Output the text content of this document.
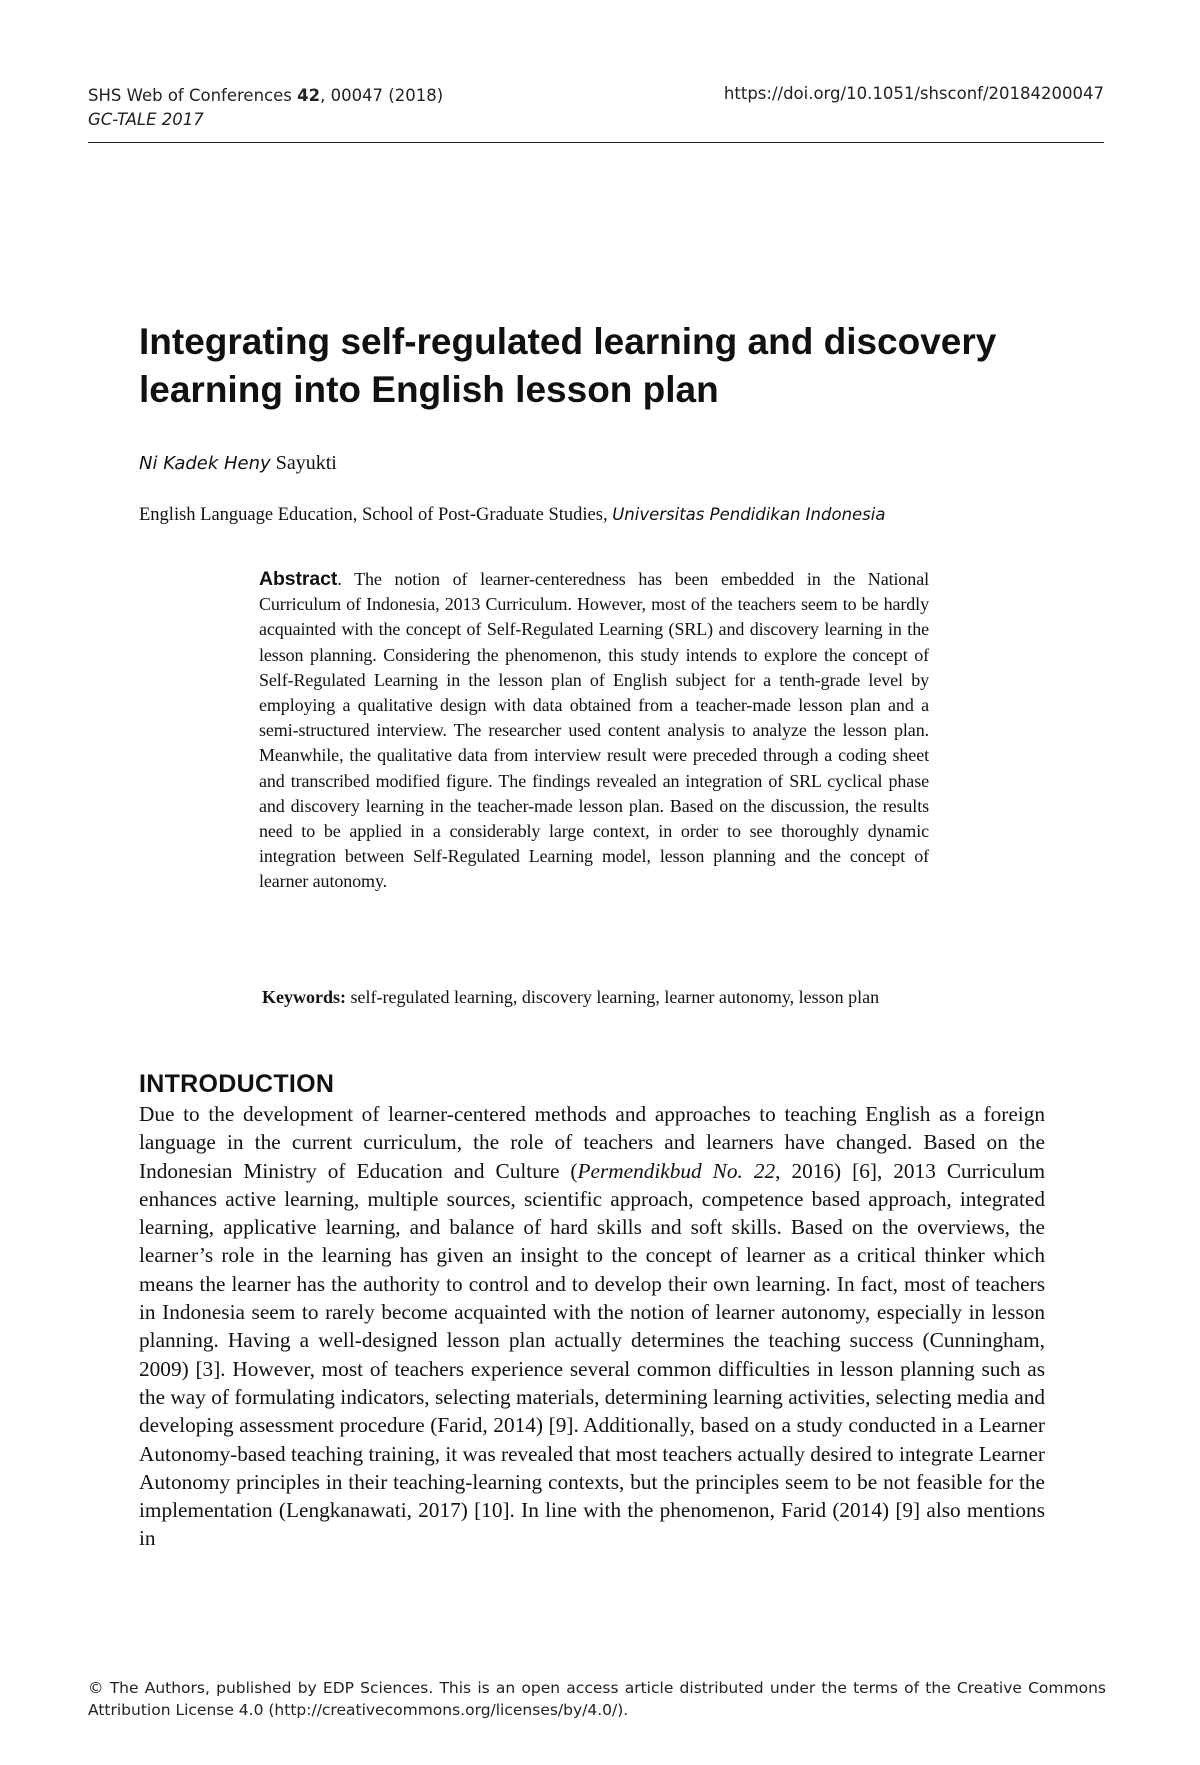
SHS Web of Conferences 42, 00047 (2018)
GC-TALE 2017
https://doi.org/10.1051/shsconf/20184200047
Integrating self-regulated learning and discovery learning into English lesson plan
Ni Kadek Heny Sayukti
English Language Education, School of Post-Graduate Studies, Universitas Pendidikan Indonesia
Abstract. The notion of learner-centeredness has been embedded in the National Curriculum of Indonesia, 2013 Curriculum. However, most of the teachers seem to be hardly acquainted with the concept of Self-Regulated Learning (SRL) and discovery learning in the lesson planning. Considering the phenomenon, this study intends to explore the concept of Self-Regulated Learning in the lesson plan of English subject for a tenth-grade level by employing a qualitative design with data obtained from a teacher-made lesson plan and a semi-structured interview. The researcher used content analysis to analyze the lesson plan. Meanwhile, the qualitative data from interview result were preceded through a coding sheet and transcribed modified figure. The findings revealed an integration of SRL cyclical phase and discovery learning in the teacher-made lesson plan. Based on the discussion, the results need to be applied in a considerably large context, in order to see thoroughly dynamic integration between Self-Regulated Learning model, lesson planning and the concept of learner autonomy.
Keywords: self-regulated learning, discovery learning, learner autonomy, lesson plan
INTRODUCTION
Due to the development of learner-centered methods and approaches to teaching English as a foreign language in the current curriculum, the role of teachers and learners have changed. Based on the Indonesian Ministry of Education and Culture (Permendikbud No. 22, 2016) [6], 2013 Curriculum enhances active learning, multiple sources, scientific approach, competence based approach, integrated learning, applicative learning, and balance of hard skills and soft skills. Based on the overviews, the learner’s role in the learning has given an insight to the concept of learner as a critical thinker which means the learner has the authority to control and to develop their own learning. In fact, most of teachers in Indonesia seem to rarely become acquainted with the notion of learner autonomy, especially in lesson planning. Having a well-designed lesson plan actually determines the teaching success (Cunningham, 2009) [3]. However, most of teachers experience several common difficulties in lesson planning such as the way of formulating indicators, selecting materials, determining learning activities, selecting media and developing assessment procedure (Farid, 2014) [9]. Additionally, based on a study conducted in a Learner Autonomy-based teaching training, it was revealed that most teachers actually desired to integrate Learner Autonomy principles in their teaching-learning contexts, but the principles seem to be not feasible for the implementation (Lengkanawati, 2017) [10]. In line with the phenomenon, Farid (2014) [9] also mentions in
© The Authors, published by EDP Sciences. This is an open access article distributed under the terms of the Creative Commons Attribution License 4.0 (http://creativecommons.org/licenses/by/4.0/).
